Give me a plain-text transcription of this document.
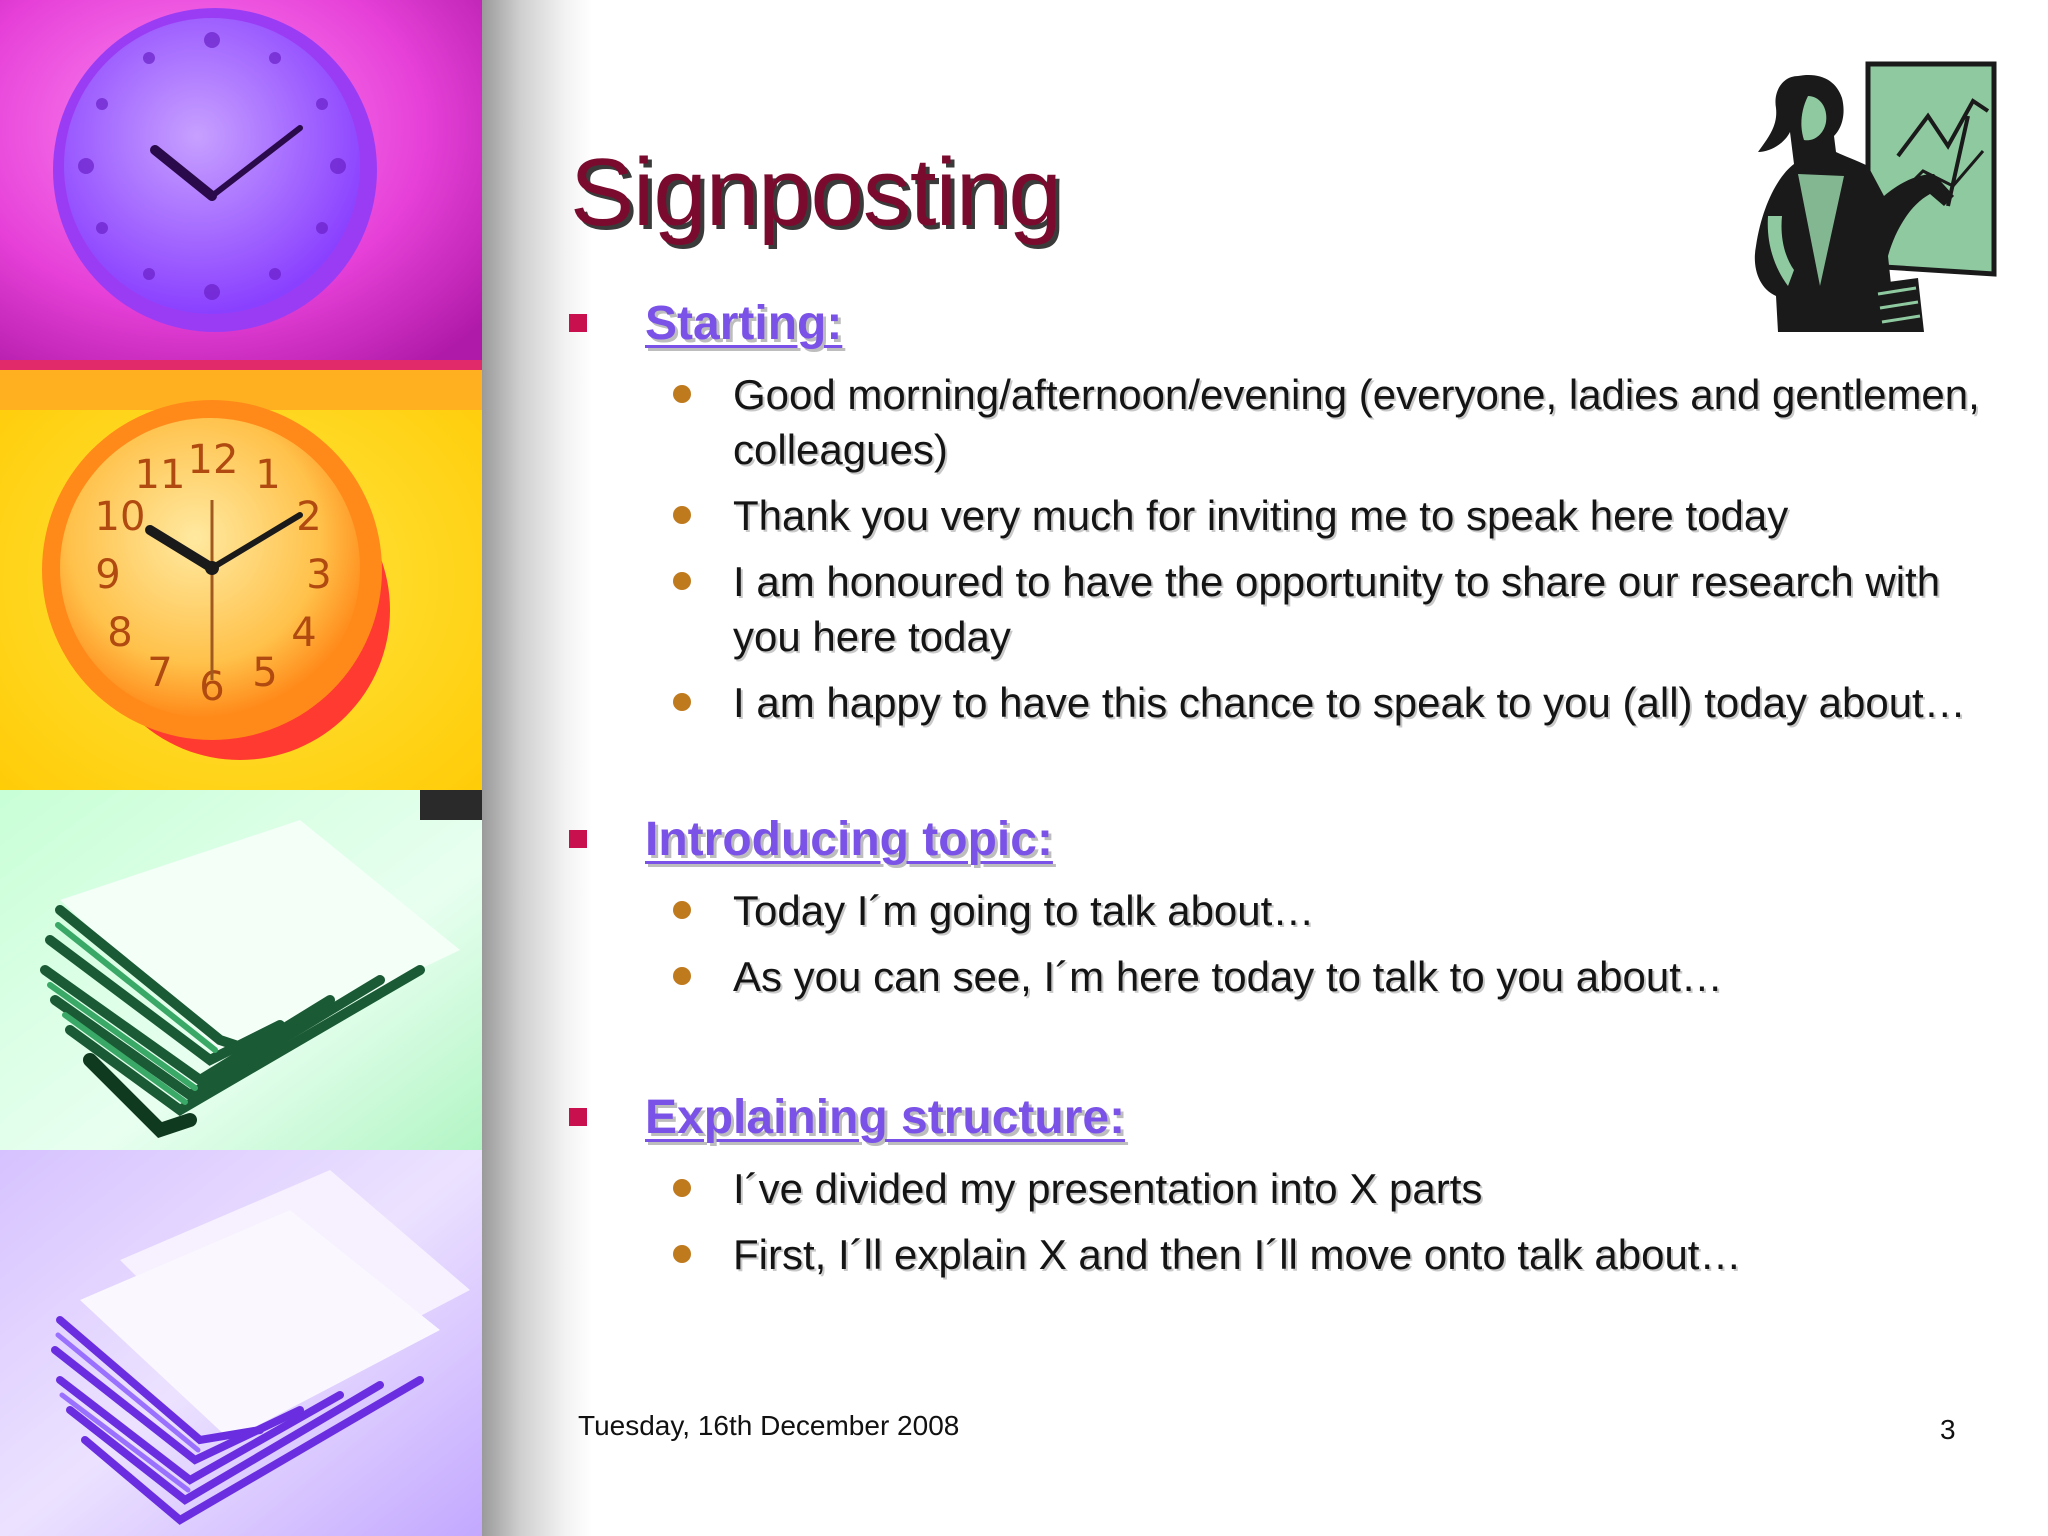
12 1
2
3
4
5
6
7
8
9
10
11
Signposting
Starting:
Good morning/afternoon/evening (everyone, ladies and gentlemen, colleagues)
Thank you very much for inviting me to speak here today
I am honoured to have the opportunity to share our research with you here today
I am happy to have this chance to speak to you (all) today about…
Introducing topic:
Today I´m going to talk about…
As you can see, I´m here today to talk to you about…
Explaining structure:
I´ve divided my presentation into X parts
First, I´ll explain X and then I´ll move onto talk about…
Tuesday, 16th December 2008	3
